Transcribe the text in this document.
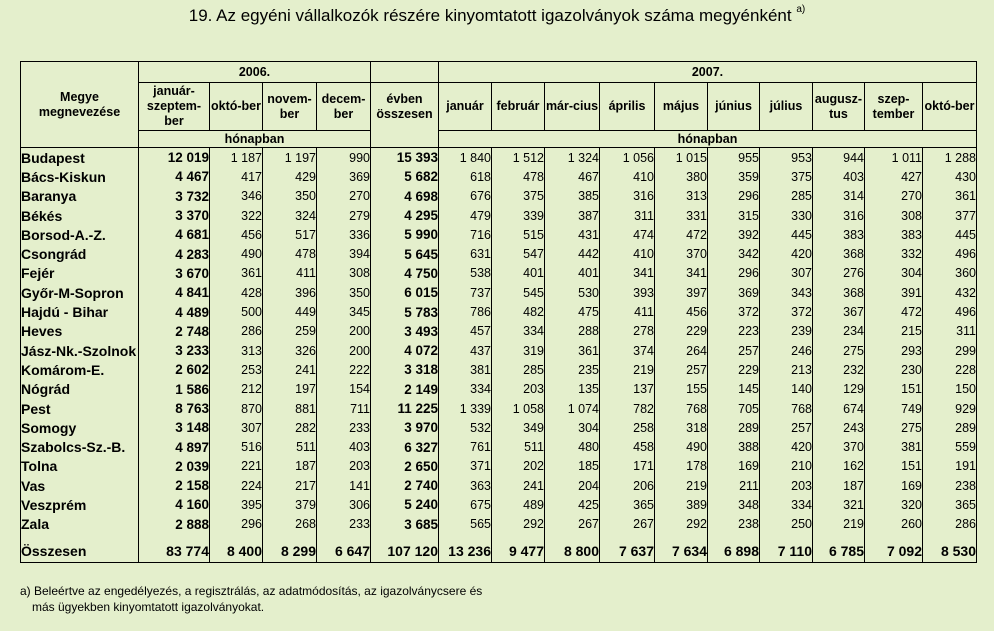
19. Az egyéni vállalkozók részére kinyomtatott igazolványok száma megyénként $^{a)}$
Megye megnevezése	2006.					2007.									
	január-szeptem-ber	októ-ber	novem-ber	decem-ber	évben összesen	január	február	már-cius	április	május	június	július	augusz-tus	szep-tember	októ-ber
	hónapban					hónapban									
Budapest	12 019	1 187	1 197	990	15 393	1 840	1 512	1 324	1 056	1 015	955	953	944	1 011	1 288
Bács-Kiskun	4 467	417	429	369	5 682	618	478	467	410	380	359	375	403	427	430
Baranya	3 732	346	350	270	4 698	676	375	385	316	313	296	285	314	270	361
Békés	3 370	322	324	279	4 295	479	339	387	311	331	315	330	316	308	377
Borsod-A.-Z.	4 681	456	517	336	5 990	716	515	431	474	472	392	445	383	383	445
Csongrád	4 283	490	478	394	5 645	631	547	442	410	370	342	420	368	332	496
Fejér	3 670	361	411	308	4 750	538	401	401	341	341	296	307	276	304	360
Győr-M-Sopron	4 841	428	396	350	6 015	737	545	530	393	397	369	343	368	391	432
Hajdú - Bihar	4 489	500	449	345	5 783	786	482	475	411	456	372	372	367	472	496
Heves	2 748	286	259	200	3 493	457	334	288	278	229	223	239	234	215	311
Jász-Nk.-Szolnok	3 233	313	326	200	4 072	437	319	361	374	264	257	246	275	293	299
Komárom-E.	2 602	253	241	222	3 318	381	285	235	219	257	229	213	232	230	228
Nógrád	1 586	212	197	154	2 149	334	203	135	137	155	145	140	129	151	150
Pest	8 763	870	881	711	11 225	1 339	1 058	1 074	782	768	705	768	674	749	929
Somogy	3 148	307	282	233	3 970	532	349	304	258	318	289	257	243	275	289
Szabolcs-Sz.-B.	4 897	516	511	403	6 327	761	511	480	458	490	388	420	370	381	559
Tolna	2 039	221	187	203	2 650	371	202	185	171	178	169	210	162	151	191
Vas	2 158	224	217	141	2 740	363	241	204	206	219	211	203	187	169	238
Veszprém	4 160	395	379	306	5 240	675	489	425	365	389	348	334	321	320	365
Zala	2 888	296	268	233	3 685	565	292	267	267	292	238	250	219	260	286

Összesen	83 774	8 400	8 299	6 647	107 120	13 236	9 477	8 800	7 637	7 634	6 898	7 110	6 785	7 092	8 530
a) Beleértve az engedélyezés, a regisztrálás, az adatmódosítás, az igazolványcsere és
más ügyekben kinyomtatott igazolványokat.
